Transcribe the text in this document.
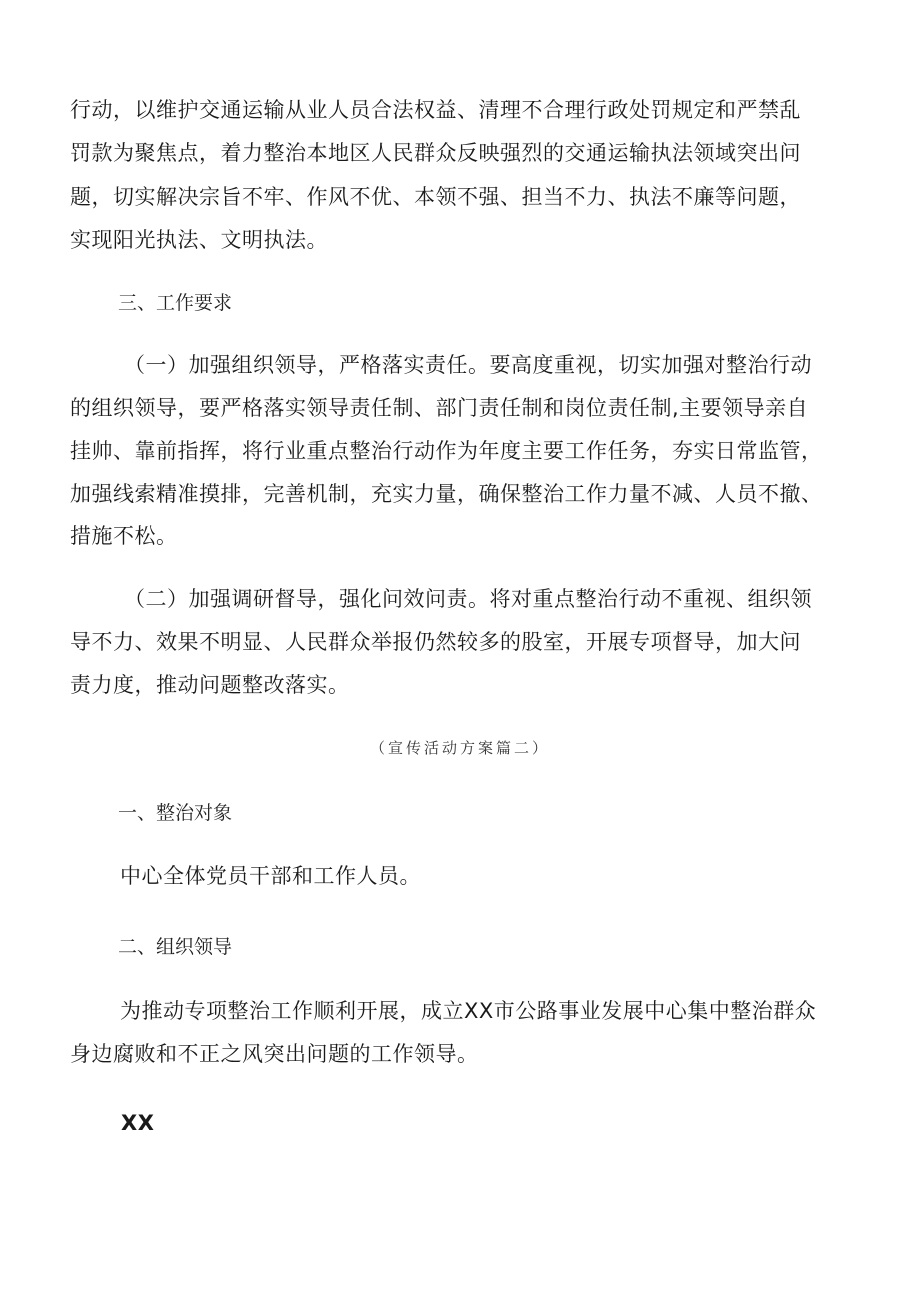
行动，以维护交通运输从业人员合法权益、清理不合理行政处罚规定和严禁乱
罚款为聚焦点，着力整治本地区人民群众反映强烈的交通运输执法领域突出问
题，切实解决宗旨不牢、作风不优、本领不强、担当不力、执法不廉等问题，
实现阳光执法、文明执法。
三、工作要求
（一）加强组织领导，严格落实责任。要高度重视，切实加强对整治行动
的组织领导，要严格落实领导责任制、部门责任制和岗位责任制,主要领导亲自
挂帅、靠前指挥，将行业重点整治行动作为年度主要工作任务，夯实日常监管，
加强线索精准摸排，完善机制，充实力量，确保整治工作力量不减、人员不撤、
措施不松。
（二）加强调研督导，强化问效问责。将对重点整治行动不重视、组织领
导不力、效果不明显、人民群众举报仍然较多的股室，开展专项督导，加大问
责力度，推动问题整改落实。
（宣传活动方案篇二）
一、整治对象
中心全体党员干部和工作人员。
二、组织领导
为推动专项整治工作顺利开展，成立XX市公路事业发展中心集中整治群众
身边腐败和不正之风突出问题的工作领导。
XX
